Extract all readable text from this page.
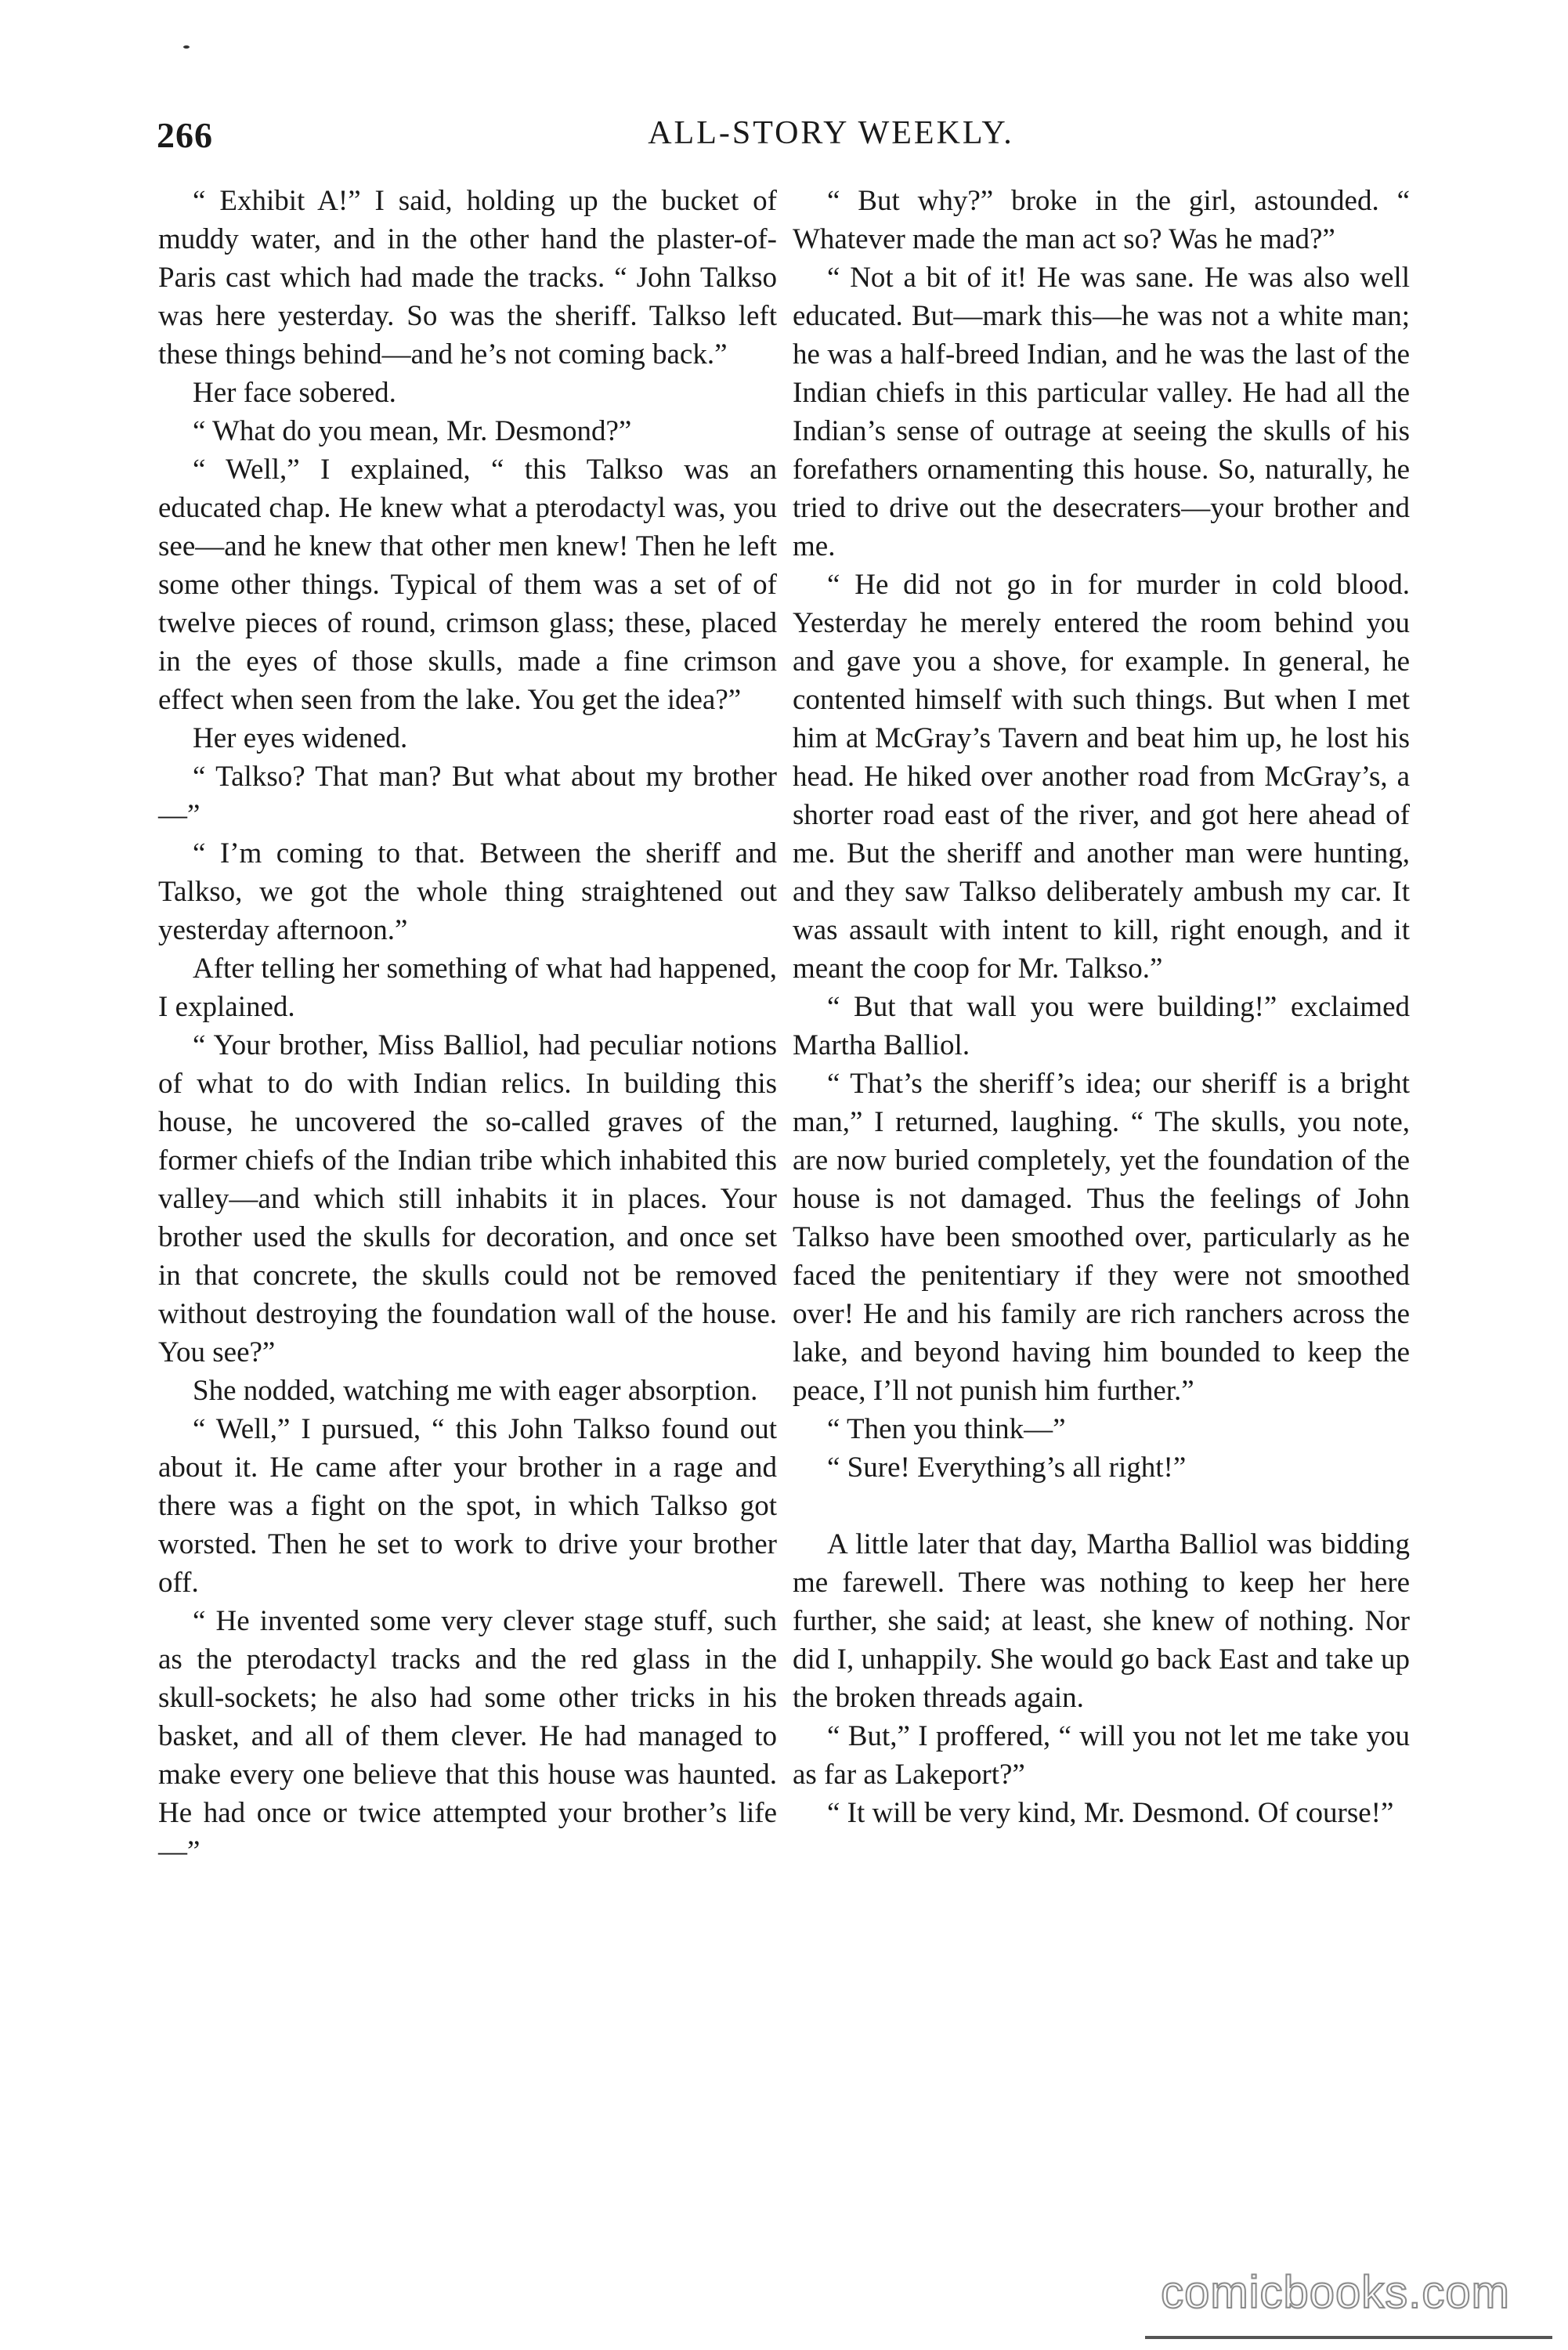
266	ALL-STORY WEEKLY.

“ Exhibit A!” I said, holding up the bucket of muddy water, and in the other hand the plaster-of-Paris cast which had made the tracks. “ John Talkso was here yesterday. So was the sheriff. Talkso left these things behind—and he’s not coming back.”

Her face sobered.

“ What do you mean, Mr. Desmond?”

“ Well,” I explained, “ this Talkso was an educated chap. He knew what a pterodactyl was, you see—and he knew that other men knew! Then he left some other things. Typical of them was a set of of twelve pieces of round, crimson glass; these, placed in the eyes of those skulls, made a fine crimson effect when seen from the lake. You get the idea?”

Her eyes widened.

“ Talkso? That man? But what about my brother—”

“ I’m coming to that. Between the sheriff and Talkso, we got the whole thing straightened out yesterday afternoon.”

After telling her something of what had happened, I explained.

“ Your brother, Miss Balliol, had peculiar notions of what to do with Indian relics. In building this house, he uncovered the so-called graves of the former chiefs of the Indian tribe which inhabited this valley—and which still inhabits it in places. Your brother used the skulls for decoration, and once set in that concrete, the skulls could not be removed without destroying the foundation wall of the house. You see?”

She nodded, watching me with eager absorption.

“ Well,” I pursued, “ this John Talkso found out about it. He came after your brother in a rage and there was a fight on the spot, in which Talkso got worsted. Then he set to work to drive your brother off.

“ He invented some very clever stage stuff, such as the pterodactyl tracks and the red glass in the skull-sockets; he also had some other tricks in his basket, and all of them clever. He had managed to make every one believe that this house was haunted. He had once or twice attempted your brother’s life—”

“ But why?” broke in the girl, astounded. “ Whatever made the man act so? Was he mad?”

“ Not a bit of it! He was sane. He was also well educated. But—mark this—he was not a white man; he was a half-breed Indian, and he was the last of the Indian chiefs in this particular valley. He had all the Indian’s sense of outrage at seeing the skulls of his forefathers ornamenting this house. So, naturally, he tried to drive out the desecraters—your brother and me.

“ He did not go in for murder in cold blood. Yesterday he merely entered the room behind you and gave you a shove, for example. In general, he contented himself with such things. But when I met him at McGray’s Tavern and beat him up, he lost his head. He hiked over another road from McGray’s, a shorter road east of the river, and got here ahead of me. But the sheriff and another man were hunting, and they saw Talkso deliberately ambush my car. It was assault with intent to kill, right enough, and it meant the coop for Mr. Talkso.”

“ But that wall you were building!” exclaimed Martha Balliol.

“ That’s the sheriff’s idea; our sheriff is a bright man,” I returned, laughing. “ The skulls, you note, are now buried completely, yet the foundation of the house is not damaged. Thus the feelings of John Talkso have been smoothed over, particularly as he faced the penitentiary if they were not smoothed over! He and his family are rich ranchers across the lake, and beyond having him bounded to keep the peace, I’ll not punish him further.”

“ Then you think—”

“ Sure! Everything’s all right!”

A little later that day, Martha Balliol was bidding me farewell. There was nothing to keep her here further, she said; at least, she knew of nothing. Nor did I, unhappily. She would go back East and take up the broken threads again.

“ But,” I proffered, “ will you not let me take you as far as Lakeport?”

“ It will be very kind, Mr. Desmond. Of course!”

comicbooks.com
